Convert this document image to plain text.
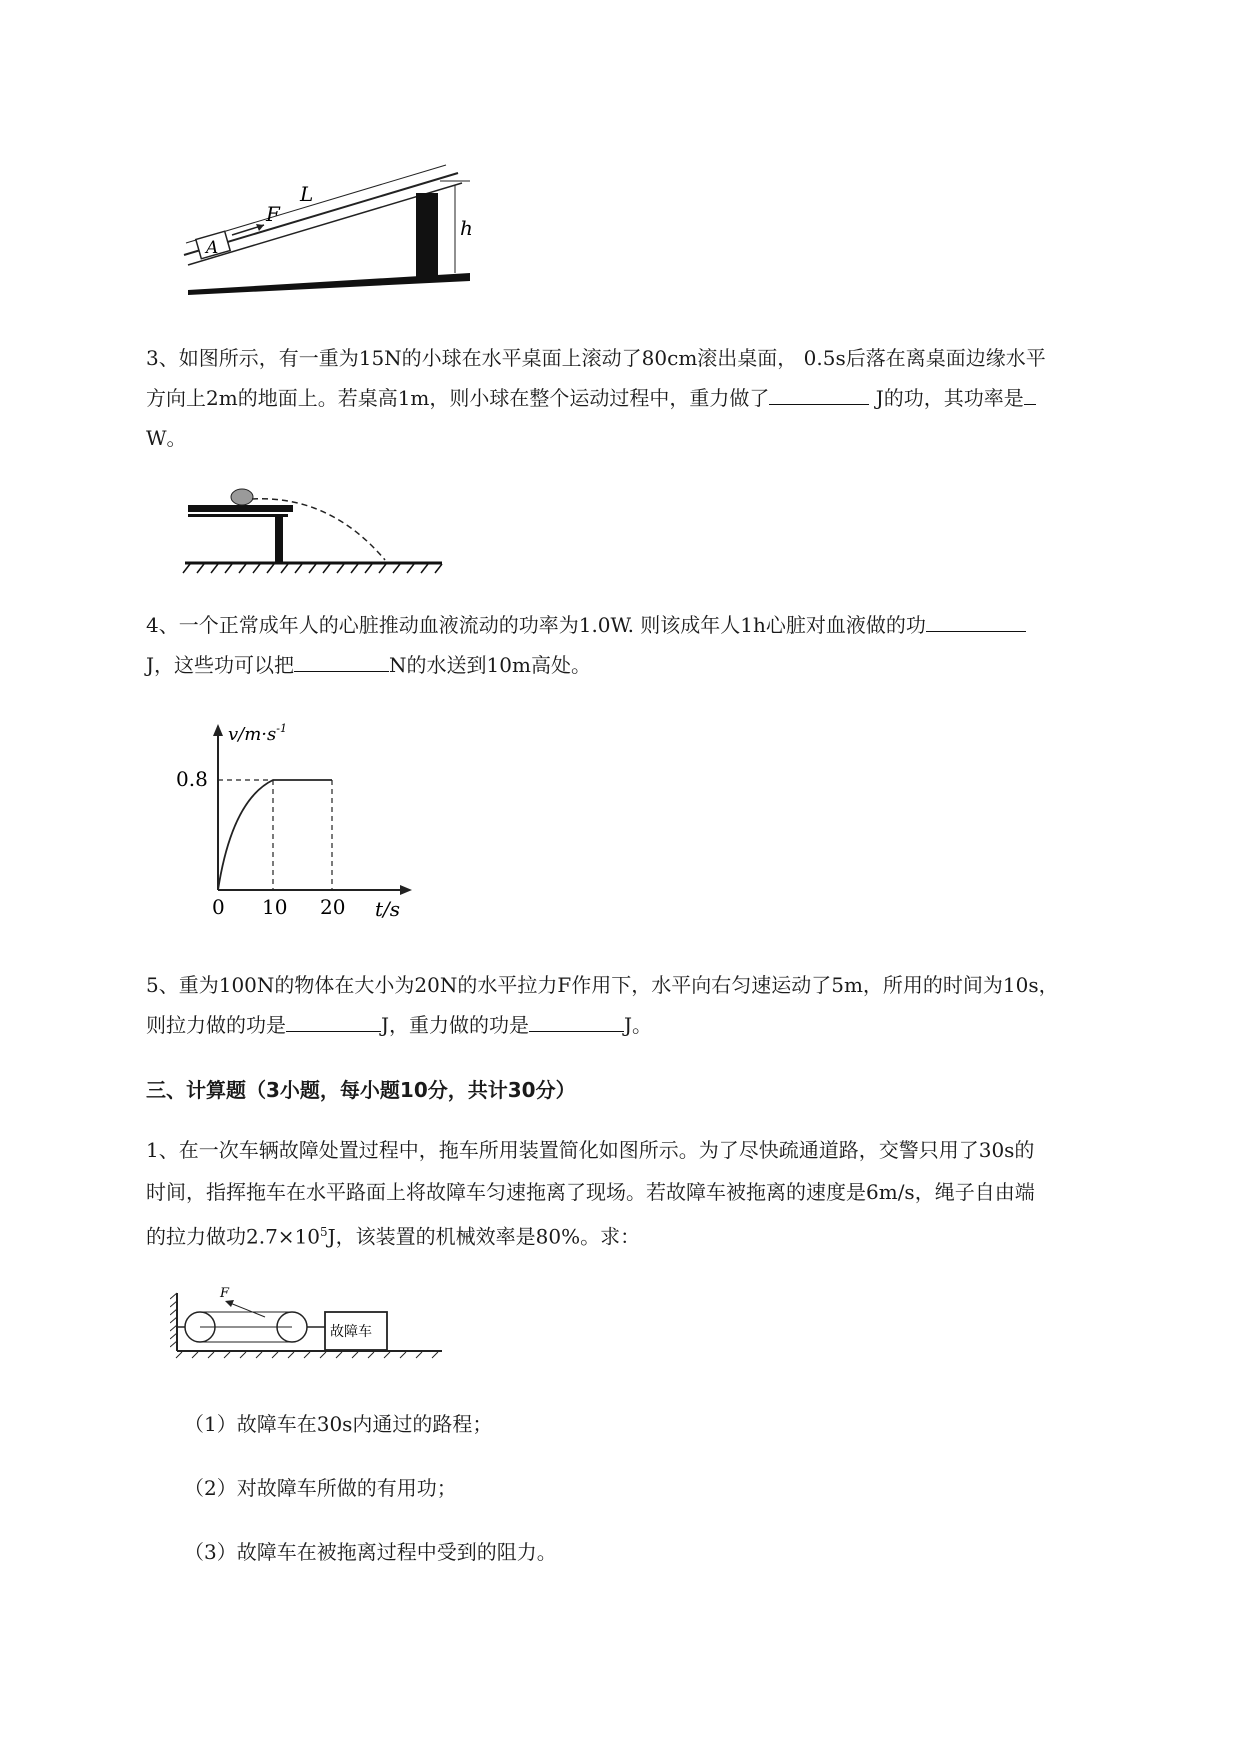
L
A
F
h

3、如图所示，有一重为15N的小球在水平桌面上滚动了80cm滚出桌面， 0.5s后落在离桌面边缘水平

方向上2m的地面上。若桌高1m，则小球在整个运动过程中，重力做了	J的功，其功率是

W。

4、一个正常成年人的心脏推动血液流动的功率为1.0W. 则该成年人1h心脏对血液做的功

J，这些功可以把	N的水送到10m高处。

$v/m\cdot s^{-1}$
0.8
0 10 20 t/s

5、重为100N的物体在大小为20N的水平拉力F作用下，水平向右匀速运动了5m，所用的时间为10s，

则拉力做的功是	J，重力做的功是	J。

三、计算题（3小题，每小题10分，共计30分）

1、在一次车辆故障处置过程中，拖车所用装置简化如图所示。为了尽快疏通道路，交警只用了30s的

时间，指挥拖车在水平路面上将故障车匀速拖离了现场。若故障车被拖离的速度是6m/s，绳子自由端

的拉力做功$2.7\times 10^5J$，该装置的机械效率是80%。求：

F
故障车

（1）故障车在30s内通过的路程；

（2）对故障车所做的有用功；

（3）故障车在被拖离过程中受到的阻力。
